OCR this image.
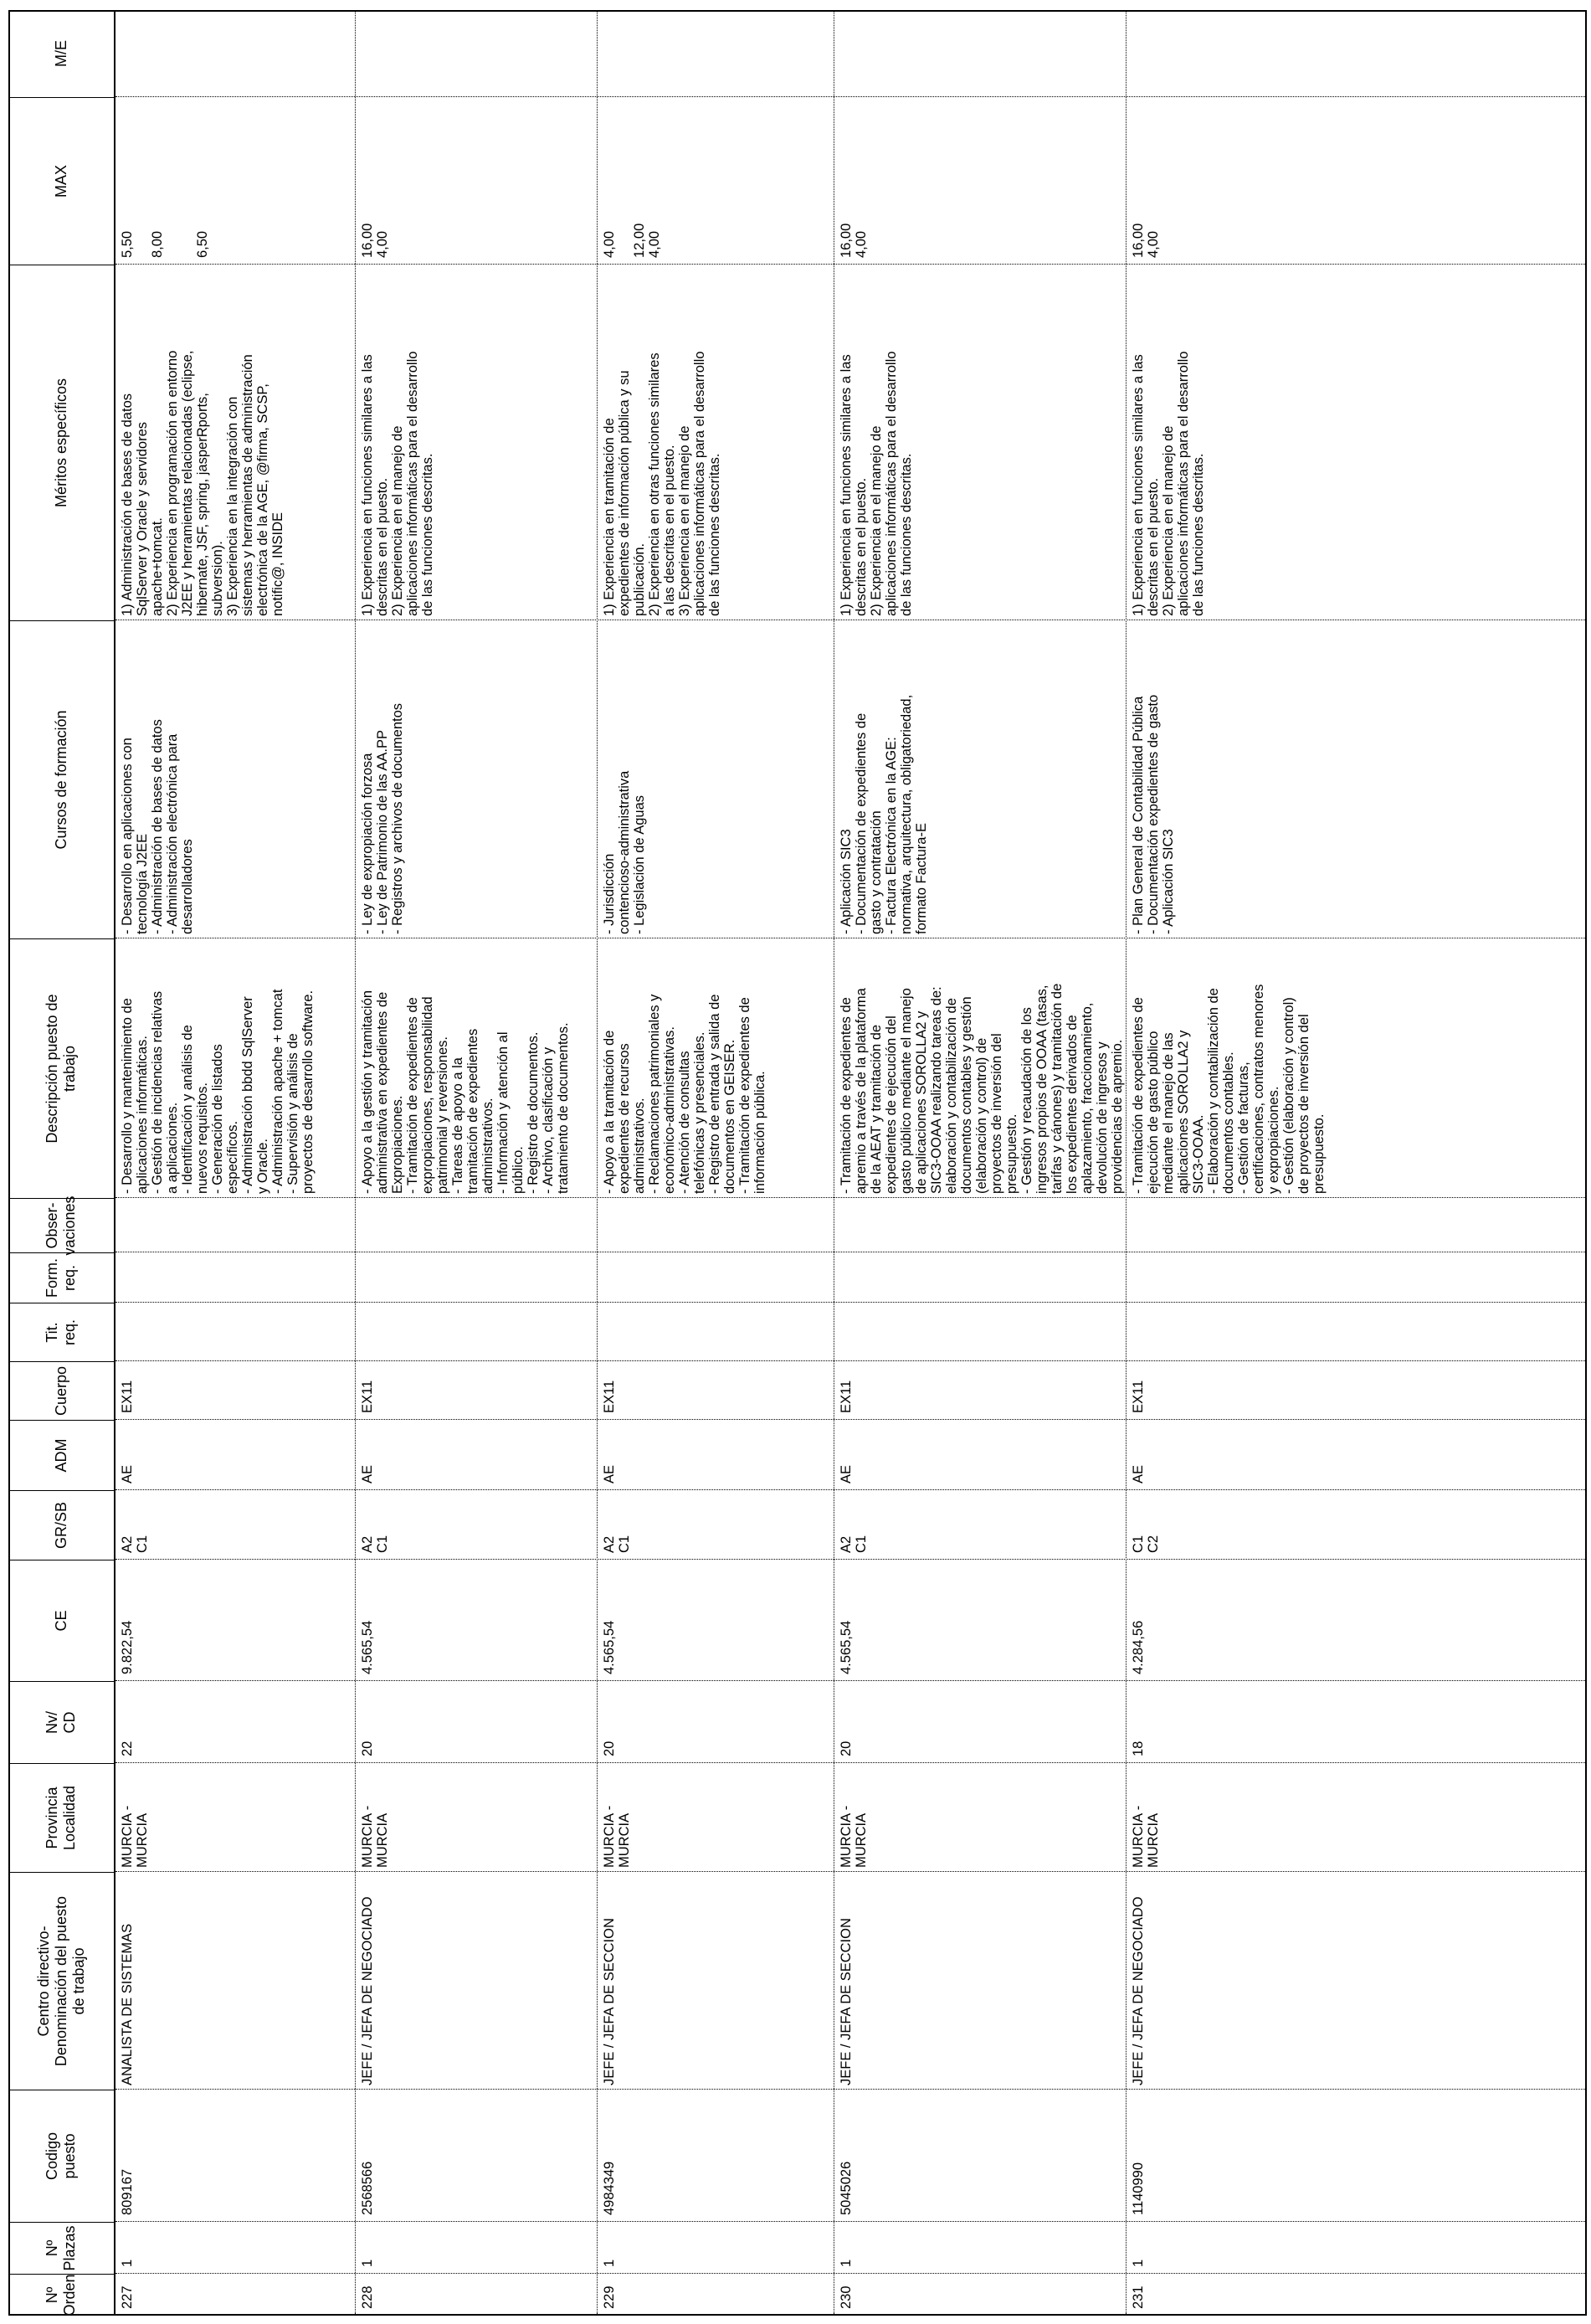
Nº
Orden
Nº
Plazas
Codigo
puesto
Centro directivo-
Denominación del puesto
de trabajo
Provincia
Localidad
Nv/
CD
CE
GR/SB
ADM
Cuerpo
Tit.
req.
Form.
req.
Obser-
vaciones
Descripción puesto de
trabajo
Cursos de formación
Méritos específicos
MAX
M/E
227
1
809167
ANALISTA DE SISTEMAS
MURCIA -
MURCIA
22
9.822,54
A2
C1
AE
EX11
- Desarrollo y mantenimiento de
aplicaciones informáticas.
- Gestión de incidencias relativas
a aplicaciones.
- Identificación y análisis de
nuevos requisitos.
- Generación de listados
específicos.
- Administración bbdd SqlServer
y Oracle.
- Administración apache + tomcat
- Supervisión y análisis de
proyectos de desarrollo software.
- Desarrollo en aplicaciones con
tecnología J2EE
- Administración de bases de datos
- Administración electrónica para
desarrolladores
1) Administración de bases de datos
SqlServer y Oracle y servidores
apache+tomcat.
2) Experiencia en programación en entorno
J2EE y herramientas relacionadas (eclipse,
hibernate, JSF, spring, jasperRports,
subversion).
3) Experiencia en la integración con
sistemas y herramientas de administración
electrónica de la AGE, @firma, SCSP,
notific@, INSIDE
5,50

8,00

6,50
228
1
2568566
JEFE / JEFA DE NEGOCIADO
MURCIA -
MURCIA
20
4.565,54
A2
C1
AE
EX11
- Apoyo a la gestión y tramitación
administrativa en expedientes de
Expropiaciones.
- Tramitación de expedientes de
expropiaciones, responsabilidad
patrimonial y reversiones.
- Tareas de apoyo a la
tramitación de expedientes
administrativos.
- Información y atención al
público.
- Registro de documentos.
- Archivo, clasificación y
tratamiento de documentos.
- Ley de expropiación forzosa
- Ley de Patrimonio de las AA.PP
- Registros y archivos de documentos
1) Experiencia en funciones similares a las
descritas en el puesto.
2) Experiencia en el manejo de
aplicaciones informáticas para el desarrollo
de las funciones descritas.
16,00
4,00
229
1
4984349
JEFE / JEFA DE SECCION
MURCIA -
MURCIA
20
4.565,54
A2
C1
AE
EX11
- Apoyo a la tramitación de
expedientes de recursos
administrativos.
- Reclamaciones patrimoniales y
económico-administrativas.
- Atención de consultas
telefónicas y presenciales.
- Registro de entrada y salida de
documentos en GEISER.
- Tramitación de expedientes de
información pública.
- Jurisdicción
contencioso-administrativa
- Legislación de Aguas
1) Experiencia en tramitación de
expedientes de información pública y su
publicación.
2) Experiencia en otras funciones similares
a las descritas en el puesto.
3) Experiencia en el manejo de
aplicaciones informáticas para el desarrollo
de las funciones descritas.
4,00

12,00
4,00
230
1
5045026
JEFE / JEFA DE SECCION
MURCIA -
MURCIA
20
4.565,54
A2
C1
AE
EX11
- Tramitación de expedientes de
apremio a través de la plataforma
de la AEAT y tramitación de
expedientes de ejecución del
gasto público mediante el manejo
de aplicaciones SOROLLA2 y
SIC3-OOAA realizando tareas de:
elaboración y contabilización de
documentos contables y gestión
(elaboración y control) de
proyectos de inversión del
presupuesto.
- Gestión y recaudación de los
ingresos propios de OOAA (tasas,
tarifas y cánones) y tramitación de
los expedientes derivados de
aplazamiento, fraccionamiento,
devolución de ingresos y
providencias de apremio.
- Aplicación SIC3
- Documentación de expedientes de
gasto y contratación
- Factura Electrónica en la AGE:
normativa, arquitectura, obligatoriedad,
formato Factura-E
1) Experiencia en funciones similares a las
descritas en el puesto.
2) Experiencia en el manejo de
aplicaciones informáticas para el desarrollo
de las funciones descritas.
16,00
4,00
231
1
1140990
JEFE / JEFA DE NEGOCIADO
MURCIA -
MURCIA
18
4.284,56
C1
C2
AE
EX11
- Tramitación de expedientes de
ejecución de gasto público
mediante el manejo de las
aplicaciones SOROLLA2 y
SIC3-OOAA.
- Elaboración y contabilización de
documentos contables.
- Gestión de facturas,
certificaciones, contratos menores
y expropiaciones.
- Gestión (elaboración y control)
de proyectos de inversión del
presupuesto.
- Plan General de Contabilidad Pública
- Documentación expedientes de gasto
- Aplicación SIC3
1) Experiencia en funciones similares a las
descritas en el puesto.
2) Experiencia en el manejo de
aplicaciones informáticas para el desarrollo
de las funciones descritas.
16,00
4,00
